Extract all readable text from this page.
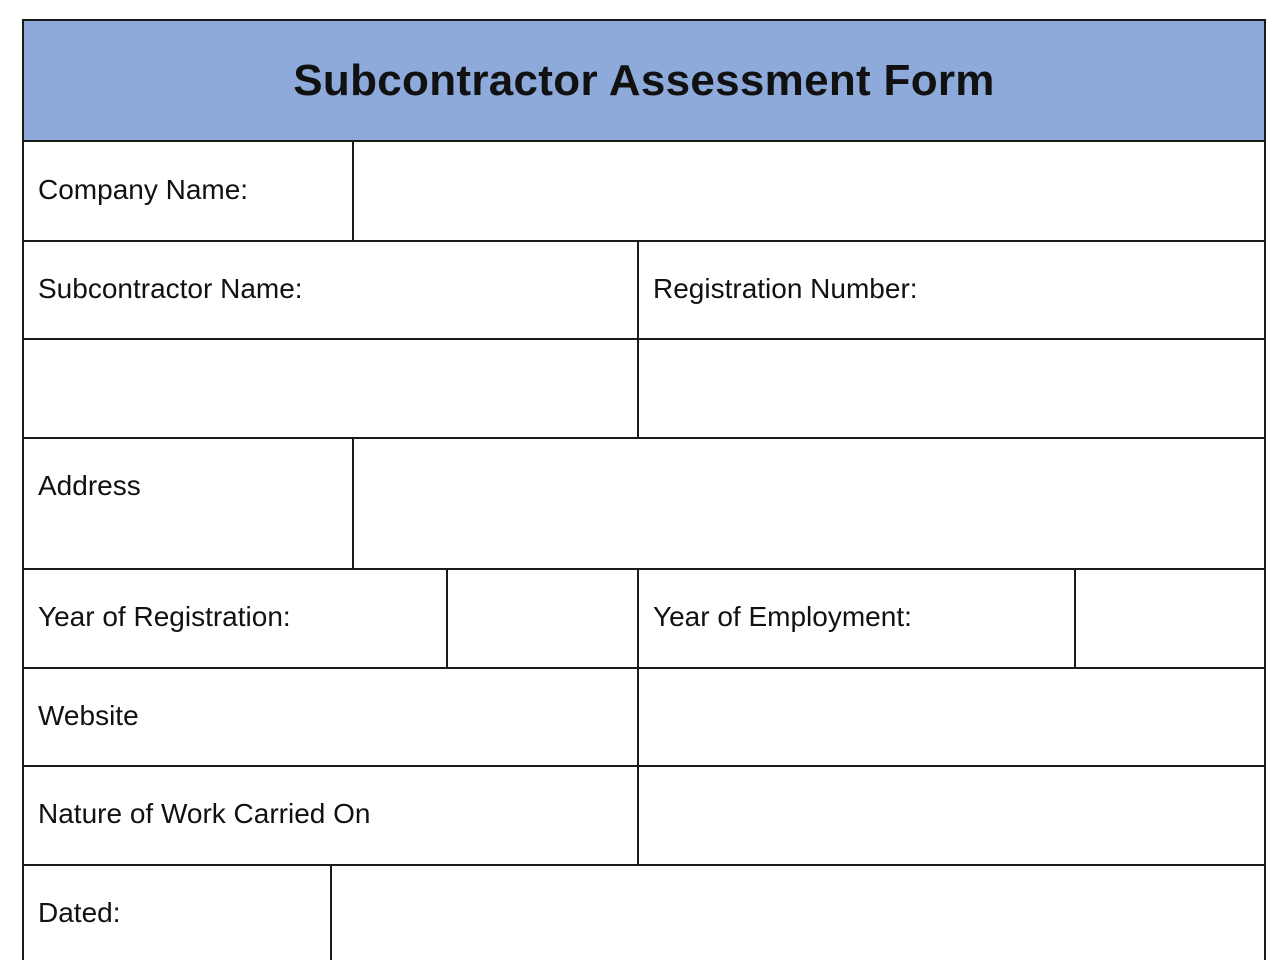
Subcontractor Assessment Form
Company Name:
Subcontractor Name:	Registration Number:
Address
Year of Registration:	Year of Employment:
Website
Nature of Work Carried On
Dated:
